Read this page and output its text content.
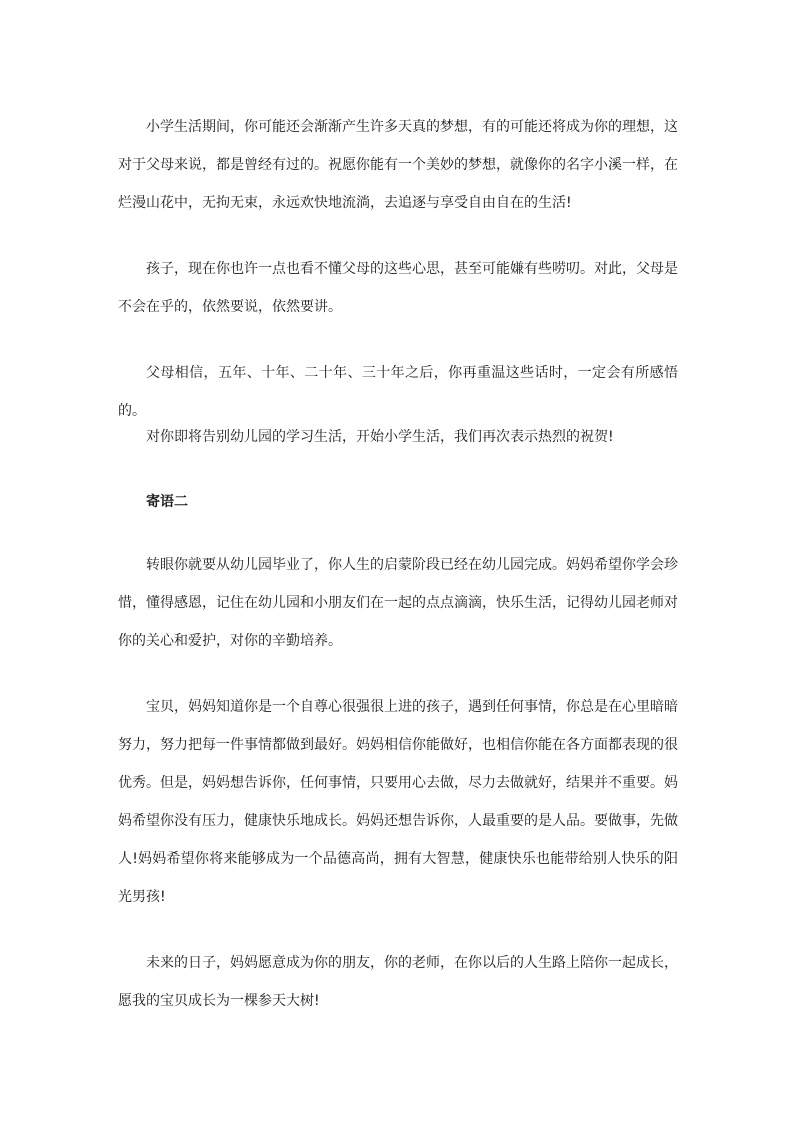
小学生活期间，你可能还会渐渐产生许多天真的梦想，有的可能还将成为你的理想，这对于父母来说，都是曾经有过的。祝愿你能有一个美妙的梦想，就像你的名字小溪一样，在烂漫山花中，无拘无束，永远欢快地流淌，去追逐与享受自由自在的生活!

孩子，现在你也许一点也看不懂父母的这些心思，甚至可能嫌有些唠叨。对此，父母是不会在乎的，依然要说，依然要讲。

父母相信，五年、十年、二十年、三十年之后，你再重温这些话时，一定会有所感悟的。

对你即将告别幼儿园的学习生活，开始小学生活，我们再次表示热烈的祝贺!

寄语二

转眼你就要从幼儿园毕业了，你人生的启蒙阶段已经在幼儿园完成。妈妈希望你学会珍惜，懂得感恩，记住在幼儿园和小朋友们在一起的点点滴滴，快乐生活，记得幼儿园老师对你的关心和爱护，对你的辛勤培养。

宝贝，妈妈知道你是一个自尊心很强很上进的孩子，遇到任何事情，你总是在心里暗暗努力，努力把每一件事情都做到最好。妈妈相信你能做好，也相信你能在各方面都表现的很优秀。但是，妈妈想告诉你，任何事情，只要用心去做，尽力去做就好，结果并不重要。妈妈希望你没有压力，健康快乐地成长。妈妈还想告诉你，人最重要的是人品。要做事，先做人!妈妈希望你将来能够成为一个品德高尚，拥有大智慧，健康快乐也能带给别人快乐的阳光男孩!

未来的日子，妈妈愿意成为你的朋友，你的老师，在你以后的人生路上陪你一起成长，愿我的宝贝成长为一棵参天大树!
